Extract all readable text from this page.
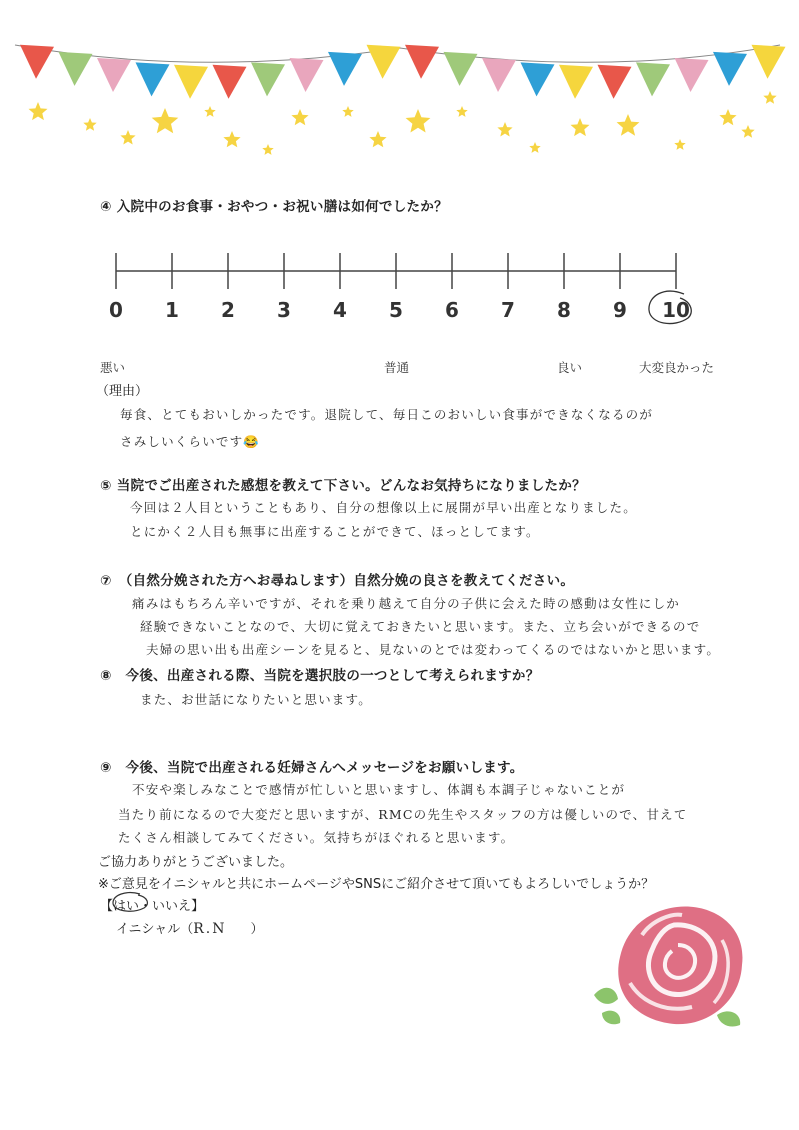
④ 入院中のお食事・おやつ・お祝い膳は如何でしたか？
0	1	2	3	4	5	6	7	8	9	10
悪い	普通	良い	大変良かった
（理由）
毎食、とてもおいしかったです。退院して、毎日このおいしい食事ができなくなるのが
さみしいくらいです😂
⑤ 当院でご出産された感想を教えて下さい。どんなお気持ちになりましたか？
今回は２人目ということもあり、自分の想像以上に展開が早い出産となりました。
とにかく２人目も無事に出産することができて、ほっとしてます。
⑦　（自然分娩された方へお尋ねします）自然分娩の良さを教えてください。
痛みはもちろん辛いですが、それを乗り越えて自分の子供に会えた時の感動は女性にしか
経験できないことなので、大切に覚えておきたいと思います。また、立ち会いができるので
夫婦の思い出も出産シーンを見ると、見ないのとでは変わってくるのではないかと思います。
⑧　今後、出産される際、当院を選択肢の一つとして考えられますか？
また、お世話になりたいと思います。
⑨　今後、当院で出産される妊婦さんへメッセージをお願いします。
不安や楽しみなことで感情が忙しいと思いますし、体調も本調子じゃないことが
当たり前になるので大変だと思いますが、RMCの先生やスタッフの方は優しいので、甘えて
たくさん相談してみてください。気持ちがほぐれると思います。
ご協力ありがとうございました。
※ご意見をイニシャルと共にホームページやSNSにご紹介させて頂いてもよろしいでしょうか？
【はい・いいえ】
イニシャル（R.N ）
